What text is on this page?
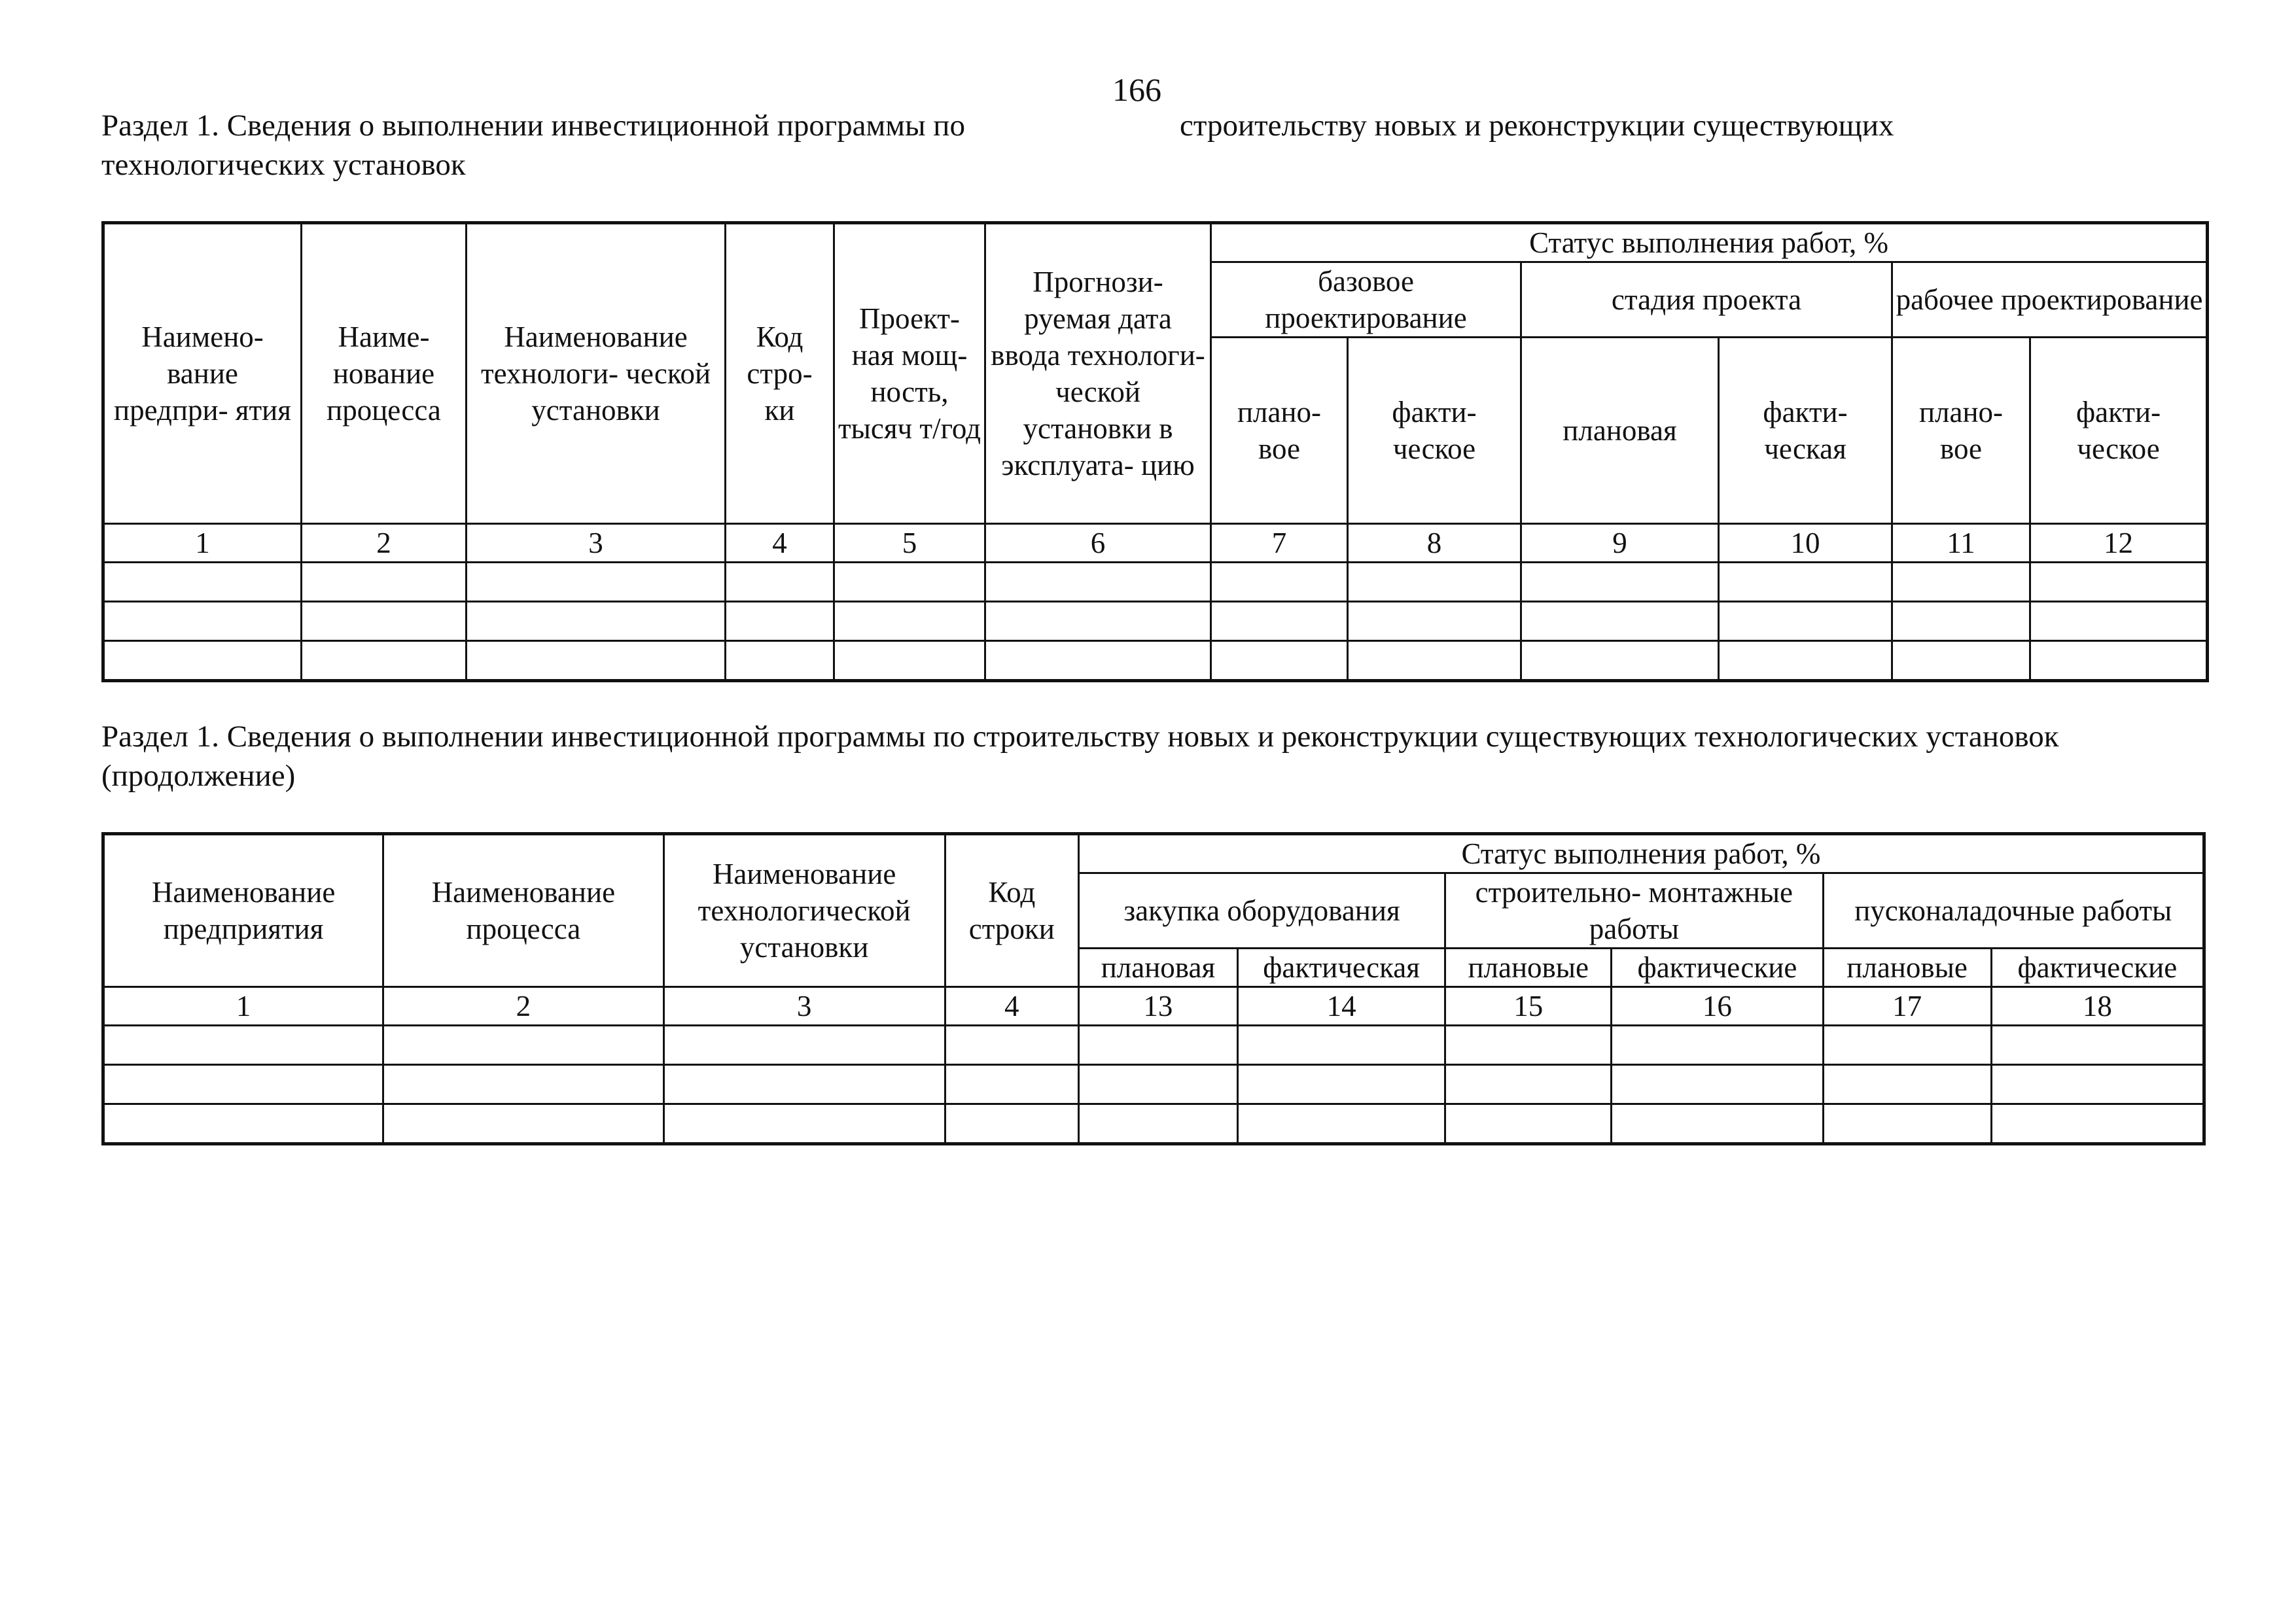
166
Раздел 1. Сведения о выполнении инвестиционной программы по	строительству новых и реконструкции существующих
технологических установок
Наимено- вание предпри- ятия	Наиме- нование процесса	Наименование технологи- ческой установки	Код стро- ки	Проект- ная мощ- ность, тысяч т/год	Прогнози- руемая дата ввода технологи- ческой установки в эксплуата- цию	Статус выполнения работ, %					
						базовое проектирование		стадия проекта		рабочее проектирование	
						плано- вое	факти- ческое	плановая	факти- ческая	плано- вое	факти- ческое
1	2	3	4	5	6	7	8	9	10	11	12

Раздел 1. Сведения о выполнении инвестиционной программы по строительству новых и реконструкции существующих технологических установок
(продолжение)
Наименование предприятия	Наименование процесса	Наименование технологической установки	Код строки	Статус выполнения работ, %					
				закупка оборудования		строительно- монтажные работы		пусконаладочные работы	
				плановая	фактическая	плановые	фактические	плановые	фактические
1	2	3	4	13	14	15	16	17	18
